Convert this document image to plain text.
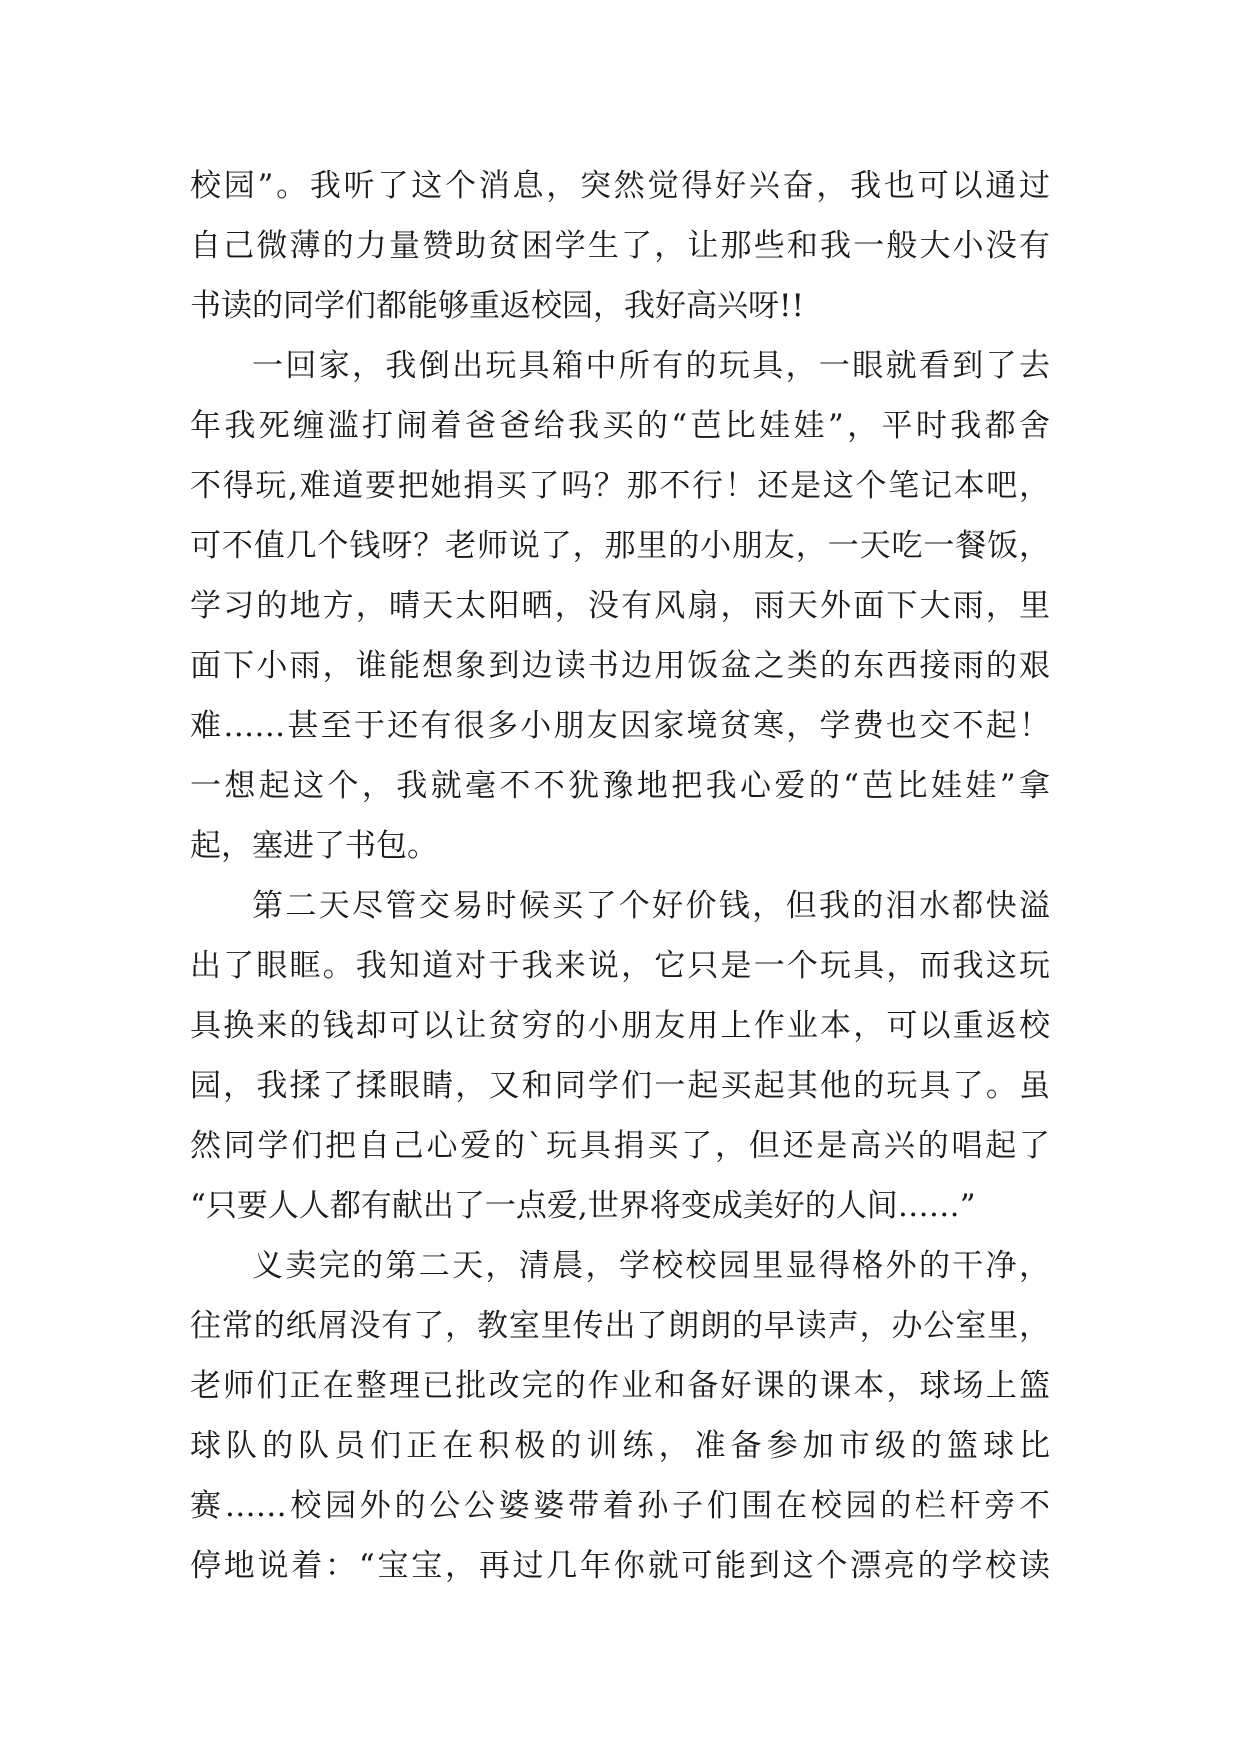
校园”。我听了这个消息，突然觉得好兴奋，我也可以通过
自己微薄的力量赞助贫困学生了，让那些和我一般大小没有
书读的同学们都能够重返校园，我好高兴呀!!
一回家，我倒出玩具箱中所有的玩具，一眼就看到了去
年我死缠滥打闹着爸爸给我买的“芭比娃娃”，平时我都舍
不得玩,难道要把她捐买了吗？那不行！还是这个笔记本吧，
可不值几个钱呀？老师说了，那里的小朋友，一天吃一餐饭，
学习的地方，晴天太阳晒，没有风扇，雨天外面下大雨，里
面下小雨，谁能想象到边读书边用饭盆之类的东西接雨的艰
难……甚至于还有很多小朋友因家境贫寒，学费也交不起！
一想起这个，我就毫不不犹豫地把我心爱的“芭比娃娃”拿
起，塞进了书包。
第二天尽管交易时候买了个好价钱，但我的泪水都快溢
出了眼眶。我知道对于我来说，它只是一个玩具，而我这玩
具换来的钱却可以让贫穷的小朋友用上作业本，可以重返校
园，我揉了揉眼睛，又和同学们一起买起其他的玩具了。虽
然同学们把自己心爱的`玩具捐买了，但还是高兴的唱起了
“只要人人都有献出了一点爱,世界将变成美好的人间……”
义卖完的第二天，清晨，学校校园里显得格外的干净，
往常的纸屑没有了，教室里传出了朗朗的早读声，办公室里，
老师们正在整理已批改完的作业和备好课的课本，球场上篮
球队的队员们正在积极的训练，准备参加市级的篮球比
赛……校园外的公公婆婆带着孙子们围在校园的栏杆旁不
停地说着：“宝宝，再过几年你就可能到这个漂亮的学校读
